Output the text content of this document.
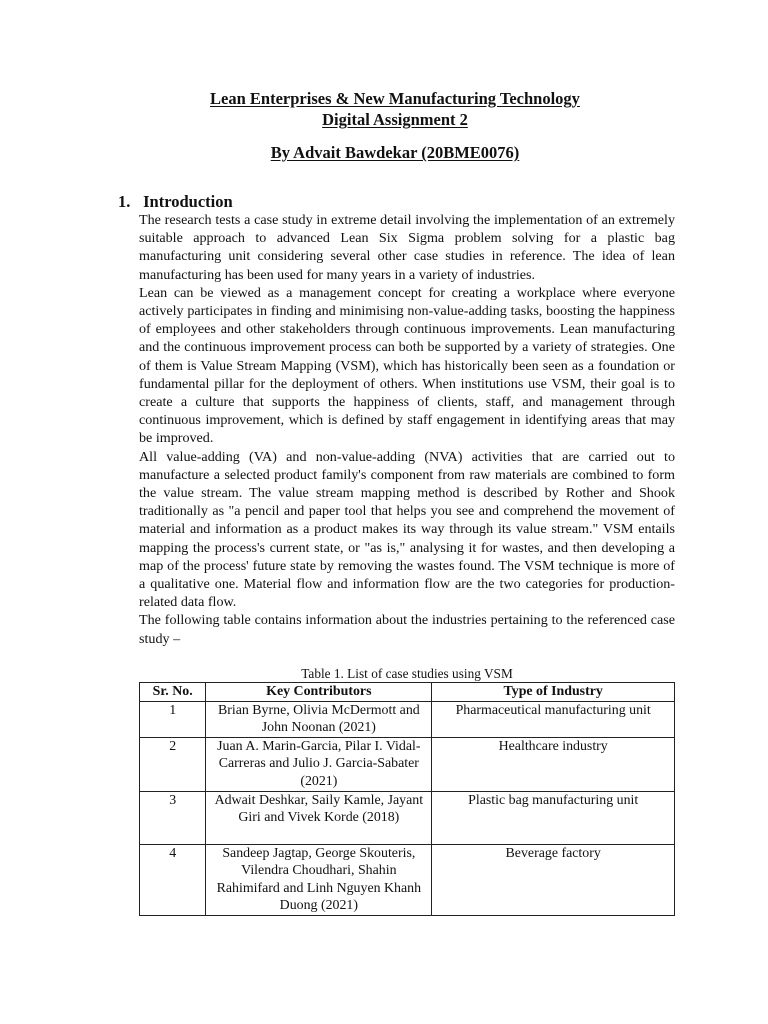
Lean Enterprises & New Manufacturing Technology
Digital Assignment 2
By Advait Bawdekar (20BME0076)
1. Introduction

The research tests a case study in extreme detail involving the implementation of an extremely suitable approach to advanced Lean Six Sigma problem solving for a plastic bag manufacturing unit considering several other case studies in reference. The idea of lean manufacturing has been used for many years in a variety of industries.

Lean can be viewed as a management concept for creating a workplace where everyone actively participates in finding and minimising non-value-adding tasks, boosting the happiness of employees and other stakeholders through continuous improvements. Lean manufacturing and the continuous improvement process can both be supported by a variety of strategies. One of them is Value Stream Mapping (VSM), which has historically been seen as a foundation or fundamental pillar for the deployment of others. When institutions use VSM, their goal is to create a culture that supports the happiness of clients, staff, and management through continuous improvement, which is defined by staff engagement in identifying areas that may be improved.

All value-adding (VA) and non-value-adding (NVA) activities that are carried out to manufacture a selected product family's component from raw materials are combined to form the value stream. The value stream mapping method is described by Rother and Shook traditionally as "a pencil and paper tool that helps you see and comprehend the movement of material and information as a product makes its way through its value stream." VSM entails mapping the process's current state, or "as is," analysing it for wastes, and then developing a map of the process' future state by removing the wastes found. The VSM technique is more of a qualitative one. Material flow and information flow are the two categories for production-related data flow.

The following table contains information about the industries pertaining to the referenced case study –

Table 1. List of case studies using VSM
Sr. No.	Key Contributors	Type of Industry
1	Brian Byrne, Olivia McDermott and John Noonan (2021)	Pharmaceutical manufacturing unit
2	Juan A. Marin-Garcia, Pilar I. Vidal-Carreras and Julio J. Garcia-Sabater (2021)	Healthcare industry
3	Adwait Deshkar, Saily Kamle, Jayant Giri and Vivek Korde (2018)	Plastic bag manufacturing unit
4	Sandeep Jagtap, George Skouteris, Vilendra Choudhari, Shahin Rahimifard and Linh Nguyen Khanh Duong (2021)	Beverage factory
